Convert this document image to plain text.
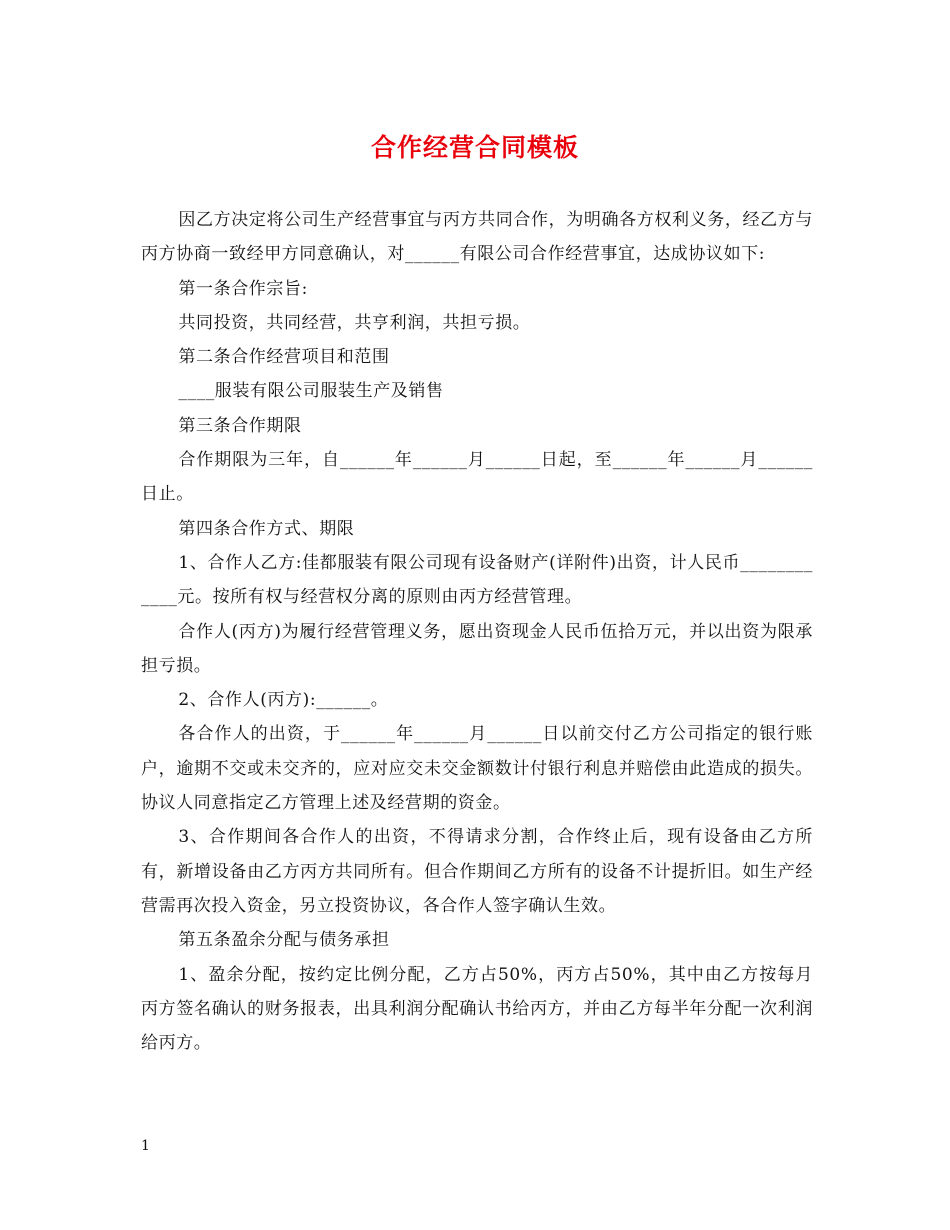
合作经营合同模板

因乙方决定将公司生产经营事宜与丙方共同合作，为明确各方权利义务，经乙方与丙方协商一致经甲方同意确认，对______有限公司合作经营事宜，达成协议如下:

第一条合作宗旨:

共同投资，共同经营，共亨利润，共担亏损。

第二条合作经营项目和范围

____服装有限公司服装生产及销售

第三条合作期限

合作期限为三年，自______年______月______日起，至______年______月______日止。

第四条合作方式、期限

1、合作人乙方:佳都服装有限公司现有设备财产(详附件)出资，计人民币____________元。按所有权与经营权分离的原则由丙方经营管理。

合作人(丙方)为履行经营管理义务，愿出资现金人民币伍拾万元，并以出资为限承担亏损。

2、合作人(丙方):______。

各合作人的出资，于______年______月______日以前交付乙方公司指定的银行账户，逾期不交或未交齐的，应对应交未交金额数计付银行利息并赔偿由此造成的损失。协议人同意指定乙方管理上述及经营期的资金。

3、合作期间各合作人的出资，不得请求分割，合作终止后，现有设备由乙方所有，新增设备由乙方丙方共同所有。但合作期间乙方所有的设备不计提折旧。如生产经营需再次投入资金，另立投资协议，各合作人签字确认生效。

第五条盈余分配与债务承担

1、盈余分配，按约定比例分配，乙方占50%，丙方占50%，其中由乙方按每月丙方签名确认的财务报表，出具利润分配确认书给丙方，并由乙方每半年分配一次利润给丙方。

1
